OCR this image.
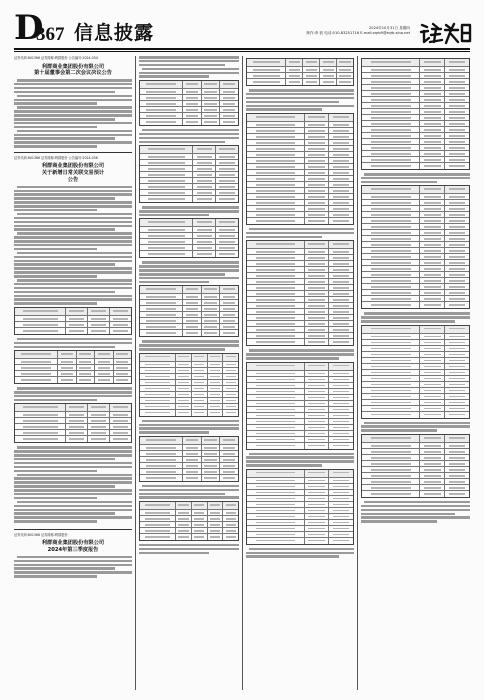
D
367 信息披露	2024年10月31日 星期四
制作:李 波 电话:010-83251716 E-mail:zqrb9@zqrb.sina.net
证券代码:601366 证券简称:利群股份 公告编号:2024-054
利群商业集团股份有限公司
第十届董事会第二次会议决议公告
证券代码:601366 证券简称:利群股份 公告编号:2024-056
利群商业集团股份有限公司
关于新增日常关联交易预计
公告
证券代码:601366 证券简称:利群股份
利群商业集团股份有限公司
2024年第三季度报告
